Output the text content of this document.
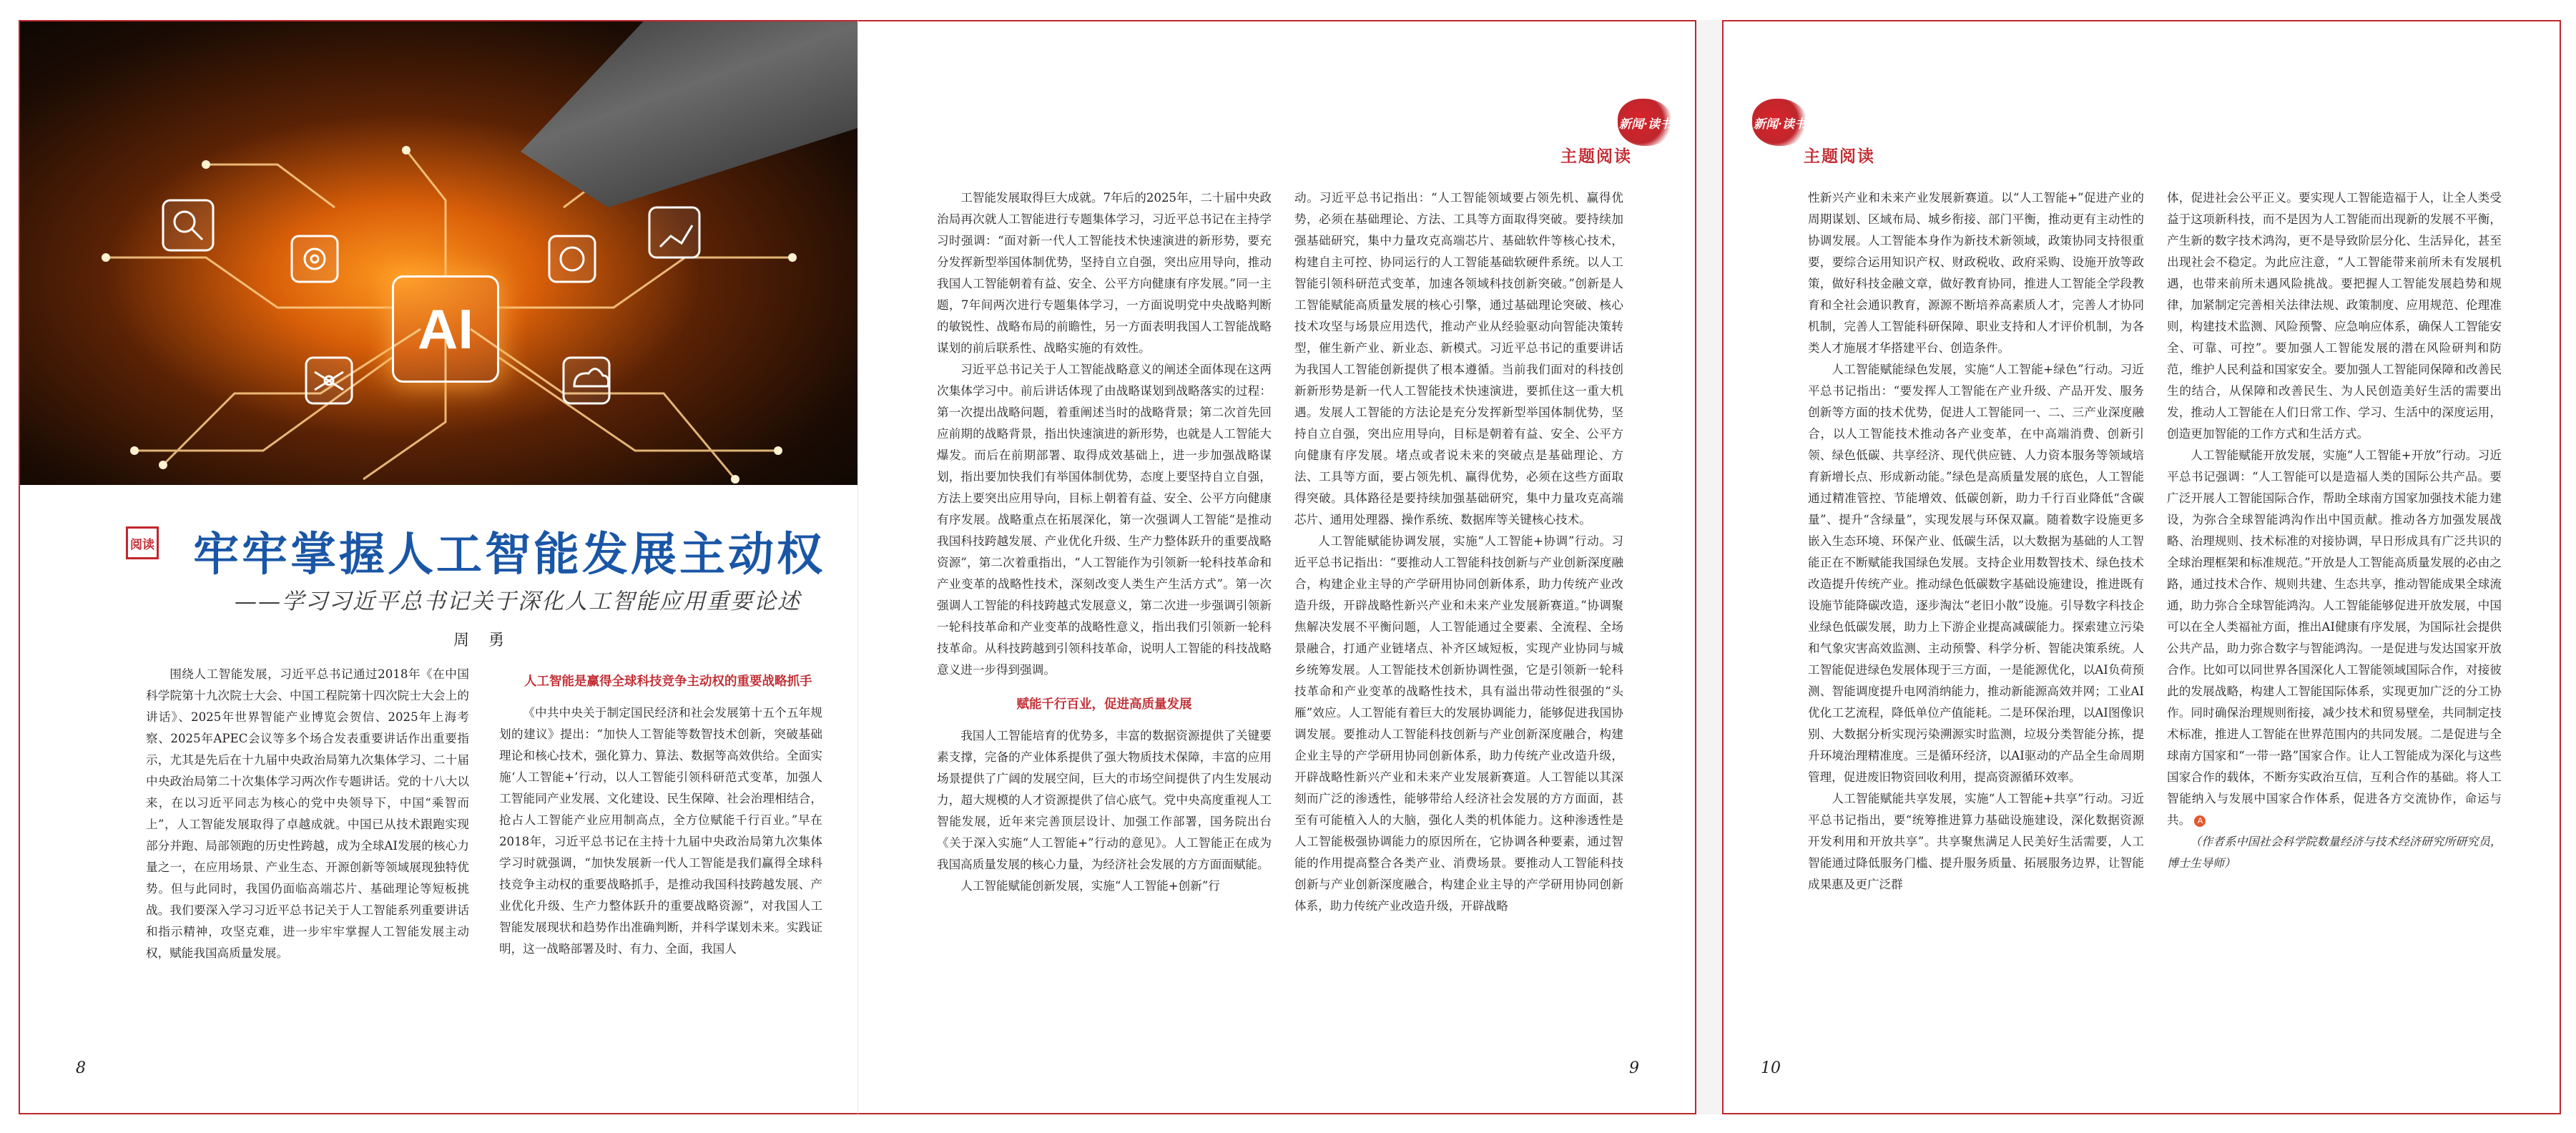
AI
阅读 牢牢掌握人工智能发展主动权
——学习习近平总书记关于深化人工智能应用重要论述
周 勇

围绕人工智能发展，习近平总书记通过2018年《在中国科学院第十九次院士大会、中国工程院第十四次院士大会上的讲话》、2025年世界智能产业博览会贺信、2025年上海考察、2025年APEC会议等多个场合发表重要讲话作出重要指示，尤其是先后在十九届中央政治局第九次集体学习、二十届中央政治局第二十次集体学习两次作专题讲话。党的十八大以来，在以习近平同志为核心的党中央领导下，中国“乘智而上”，人工智能发展取得了卓越成就。中国已从技术跟跑实现部分并跑、局部领跑的历史性跨越，成为全球AI发展的核心力量之一，在应用场景、产业生态、开源创新等领域展现独特优势。但与此同时，我国仍面临高端芯片、基础理论等短板挑战。我们要深入学习习近平总书记关于人工智能系列重要讲话和指示精神，攻坚克难，进一步牢牢掌握人工智能发展主动权，赋能我国高质量发展。

人工智能是赢得全球科技竞争主动权的重要战略抓手

《中共中央关于制定国民经济和社会发展第十五个五年规划的建议》提出：“加快人工智能等数智技术创新，突破基础理论和核心技术，强化算力、算法、数据等高效供给。全面实施‘人工智能+’行动，以人工智能引领科研范式变革，加强人工智能同产业发展、文化建设、民生保障、社会治理相结合，抢占人工智能产业应用制高点，全方位赋能千行百业。”早在2018年，习近平总书记在主持十九届中央政治局第九次集体学习时就强调，“加快发展新一代人工智能是我们赢得全球科技竞争主动权的重要战略抓手，是推动我国科技跨越发展、产业优化升级、生产力整体跃升的重要战略资源”，对我国人工智能发展现状和趋势作出准确判断，并科学谋划未来。实践证明，这一战略部署及时、有力、全面，我国人

8
主题阅读
新闻·读书

工智能发展取得巨大成就。7年后的2025年，二十届中央政治局再次就人工智能进行专题集体学习，习近平总书记在主持学习时强调：“面对新一代人工智能技术快速演进的新形势，要充分发挥新型举国体制优势，坚持自立自强，突出应用导向，推动我国人工智能朝着有益、安全、公平方向健康有序发展。”同一主题，7年间两次进行专题集体学习，一方面说明党中央战略判断的敏锐性、战略布局的前瞻性，另一方面表明我国人工智能战略谋划的前后联系性、战略实施的有效性。

习近平总书记关于人工智能战略意义的阐述全面体现在这两次集体学习中。前后讲话体现了由战略谋划到战略落实的过程：第一次提出战略问题，着重阐述当时的战略背景；第二次首先回应前期的战略背景，指出快速演进的新形势，也就是人工智能大爆发。而后在前期部署、取得成效基础上，进一步加强战略谋划，指出要加快我们有举国体制优势，态度上要坚持自立自强，方法上要突出应用导向，目标上朝着有益、安全、公平方向健康有序发展。战略重点在拓展深化，第一次强调人工智能“是推动我国科技跨越发展、产业优化升级、生产力整体跃升的重要战略资源”，第二次着重指出，“人工智能作为引领新一轮科技革命和产业变革的战略性技术，深刻改变人类生产生活方式”。第一次强调人工智能的科技跨越式发展意义，第二次进一步强调引领新一轮科技革命和产业变革的战略性意义，指出我们引领新一轮科技革命。从科技跨越到引领科技革命，说明人工智能的科技战略意义进一步得到强调。

赋能千行百业，促进高质量发展

我国人工智能培育的优势多，丰富的数据资源提供了关键要素支撑，完备的产业体系提供了强大物质技术保障，丰富的应用场景提供了广阔的发展空间，巨大的市场空间提供了内生发展动力，超大规模的人才资源提供了信心底气。党中央高度重视人工智能发展，近年来完善顶层设计、加强工作部署，国务院出台《关于深入实施“人工智能+”行动的意见》。人工智能正在成为我国高质量发展的核心力量，为经济社会发展的方方面面赋能。

人工智能赋能创新发展，实施“人工智能+创新”行

动。习近平总书记指出：“人工智能领域要占领先机、赢得优势，必须在基础理论、方法、工具等方面取得突破。要持续加强基础研究，集中力量攻克高端芯片、基础软件等核心技术，构建自主可控、协同运行的人工智能基础软硬件系统。以人工智能引领科研范式变革，加速各领域科技创新突破。”创新是人工智能赋能高质量发展的核心引擎，通过基础理论突破、核心技术攻坚与场景应用迭代，推动产业从经验驱动向智能决策转型，催生新产业、新业态、新模式。习近平总书记的重要讲话为我国人工智能创新提供了根本遵循。当前我们面对的科技创新新形势是新一代人工智能技术快速演进，要抓住这一重大机遇。发展人工智能的方法论是充分发挥新型举国体制优势，坚持自立自强，突出应用导向，目标是朝着有益、安全、公平方向健康有序发展。堵点或者说未来的突破点是基础理论、方法、工具等方面，要占领先机、赢得优势，必须在这些方面取得突破。具体路径是要持续加强基础研究，集中力量攻克高端芯片、通用处理器、操作系统、数据库等关键核心技术。

人工智能赋能协调发展，实施“人工智能+协调”行动。习近平总书记指出：“要推动人工智能科技创新与产业创新深度融合，构建企业主导的产学研用协同创新体系，助力传统产业改造升级，开辟战略性新兴产业和未来产业发展新赛道。”协调聚焦解决发展不平衡问题，人工智能通过全要素、全流程、全场景融合，打通产业链堵点、补齐区域短板，实现产业协同与城乡统筹发展。人工智能技术创新协调性强，它是引领新一轮科技革命和产业变革的战略性技术，具有溢出带动性很强的“头雁”效应。人工智能有着巨大的发展协调能力，能够促进我国协调发展。要推动人工智能科技创新与产业创新深度融合，构建企业主导的产学研用协同创新体系，助力传统产业改造升级，开辟战略性新兴产业和未来产业发展新赛道。人工智能以其深刻而广泛的渗透性，能够带给人经济社会发展的方方面面，甚至有可能植入人的大脑，强化人类的机体能力。这种渗透性是人工智能极强协调能力的原因所在，它协调各种要素，通过智能的作用提高整合各类产业、消费场景。要推动人工智能科技创新与产业创新深度融合，构建企业主导的产学研用协同创新体系，助力传统产业改造升级，开辟战略

9
新闻·读书
主题阅读

性新兴产业和未来产业发展新赛道。以“人工智能+”促进产业的周期谋划、区域布局、城乡衔接、部门平衡，推动更有主动性的协调发展。人工智能本身作为新技术新领域，政策协同支持很重要，要综合运用知识产权、财政税收、政府采购、设施开放等政策，做好科技金融文章，做好教育协同，推进人工智能全学段教育和全社会通识教育，源源不断培养高素质人才，完善人才协同机制，完善人工智能科研保障、职业支持和人才评价机制，为各类人才施展才华搭建平台、创造条件。

人工智能赋能绿色发展，实施“人工智能+绿色”行动。习近平总书记指出：“要发挥人工智能在产业升级、产品开发、服务创新等方面的技术优势，促进人工智能同一、二、三产业深度融合，以人工智能技术推动各产业变革，在中高端消费、创新引领、绿色低碳、共享经济、现代供应链、人力资本服务等领域培育新增长点、形成新动能。”绿色是高质量发展的底色，人工智能通过精准管控、节能增效、低碳创新，助力千行百业降低“含碳量”、提升“含绿量”，实现发展与环保双赢。随着数字设施更多嵌入生态环境、环保产业、低碳生活，以大数据为基础的人工智能正在不断赋能我国绿色发展。支持企业用数智技术、绿色技术改造提升传统产业。推动绿色低碳数字基础设施建设，推进既有设施节能降碳改造，逐步淘汰“老旧小散”设施。引导数字科技企业绿色低碳发展，助力上下游企业提高减碳能力。探索建立污染和气象灾害高效监测、主动预警、科学分析、智能决策系统。人工智能促进绿色发展体现于三方面，一是能源优化，以AI负荷预测、智能调度提升电网消纳能力，推动新能源高效并网；工业AI优化工艺流程，降低单位产值能耗。二是环保治理，以AI图像识别、大数据分析实现污染溯源实时监测，垃圾分类智能分拣，提升环境治理精准度。三是循环经济，以AI驱动的产品全生命周期管理，促进废旧物资回收利用，提高资源循环效率。

人工智能赋能共享发展，实施“人工智能+共享”行动。习近平总书记指出，要“统筹推进算力基础设施建设，深化数据资源开发利用和开放共享”。共享聚焦满足人民美好生活需要，人工智能通过降低服务门槛、提升服务质量、拓展服务边界，让智能成果惠及更广泛群

体，促进社会公平正义。要实现人工智能造福于人，让全人类受益于这项新科技，而不是因为人工智能而出现新的发展不平衡，产生新的数字技术鸿沟，更不是导致阶层分化、生活异化，甚至出现社会不稳定。为此应注意，“人工智能带来前所未有发展机遇，也带来前所未遇风险挑战。要把握人工智能发展趋势和规律，加紧制定完善相关法律法规、政策制度、应用规范、伦理准则，构建技术监测、风险预警、应急响应体系，确保人工智能安全、可靠、可控”。要加强人工智能发展的潜在风险研判和防范，维护人民利益和国家安全。要加强人工智能同保障和改善民生的结合，从保障和改善民生、为人民创造美好生活的需要出发，推动人工智能在人们日常工作、学习、生活中的深度运用，创造更加智能的工作方式和生活方式。

人工智能赋能开放发展，实施“人工智能+开放”行动。习近平总书记强调：“人工智能可以是造福人类的国际公共产品。要广泛开展人工智能国际合作，帮助全球南方国家加强技术能力建设，为弥合全球智能鸿沟作出中国贡献。推动各方加强发展战略、治理规则、技术标准的对接协调，早日形成具有广泛共识的全球治理框架和标准规范。”开放是人工智能高质量发展的必由之路，通过技术合作、规则共建、生态共享，推动智能成果全球流通，助力弥合全球智能鸿沟。人工智能能够促进开放发展，中国可以在全人类福祉方面，推出AI健康有序发展，为国际社会提供公共产品，助力弥合数字与智能鸿沟。一是促进与发达国家开放合作。比如可以同世界各国深化人工智能领域国际合作，对接彼此的发展战略，构建人工智能国际体系，实现更加广泛的分工协作。同时确保治理规则衔接，减少技术和贸易壁垒，共同制定技术标准，推进人工智能在世界范围内的共同发展。二是促进与全球南方国家和“一带一路”国家合作。让人工智能成为深化与这些国家合作的载体，不断夯实政治互信，互利合作的基础。将人工智能纳入与发展中国家合作体系，促进各方交流协作，命运与共。 A

（作者系中国社会科学院数量经济与技术经济研究所研究员，博士生导师）

10
